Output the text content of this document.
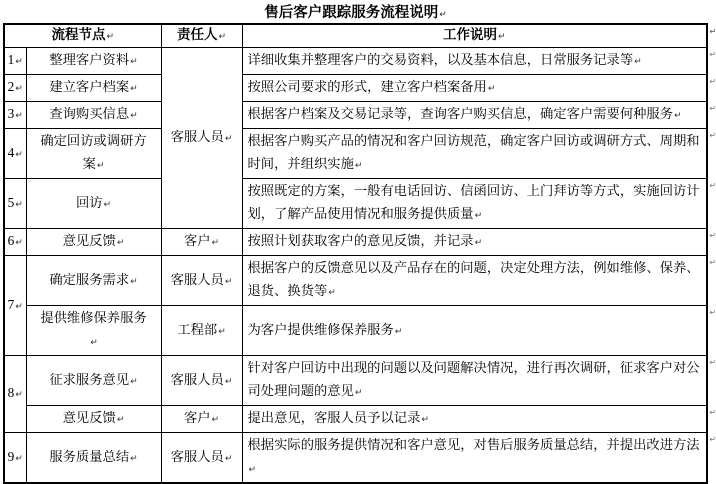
售后客户跟踪服务流程说明↵
流程节点↵		责任人↵	工作说明↵
↵

1↵	整理客户资料↵	客服人员↵	详细收集并整理客户的交易资料，以及基本信息，日常服务记录等↵
↵

2↵	建立客户档案↵		按照公司要求的形式，建立客户档案备用↵
↵

3↵	查询购买信息↵		根据客户档案及交易记录等，查询客户购买信息，确定客户需要何种服务↵
↵

4↵	确定回访或调研方案↵		根据客户购买产品的情况和客户回访规范，确定客户回访或调研方式、周期和时间，并组织实施↵
↵

5↵	回访↵		按照既定的方案，一般有电话回访、信函回访、上门拜访等方式，实施回访计划，了解产品使用情况和服务提供质量↵
↵

6↵	意见反馈↵	客户↵	按照计划获取客户的意见反馈，并记录↵
↵

7↵	确定服务需求↵	客服人员↵	根据客户的反馈意见以及产品存在的问题，决定处理方法，例如维修、保养、退货、换货等↵
↵

	提供维修保养服务↵	工程部↵	为客户提供维修保养服务↵
↵

8↵	征求服务意见↵	客服人员↵	针对客户回访中出现的问题以及问题解决情况，进行再次调研，征求客户对公司处理问题的意见↵
↵

	意见反馈↵	客户↵	提出意见，客服人员予以记录↵
↵

9↵	服务质量总结↵	客服人员↵	根据实际的服务提供情况和客户意见，对售后服务质量总结，并提出改进方法↵
↵
